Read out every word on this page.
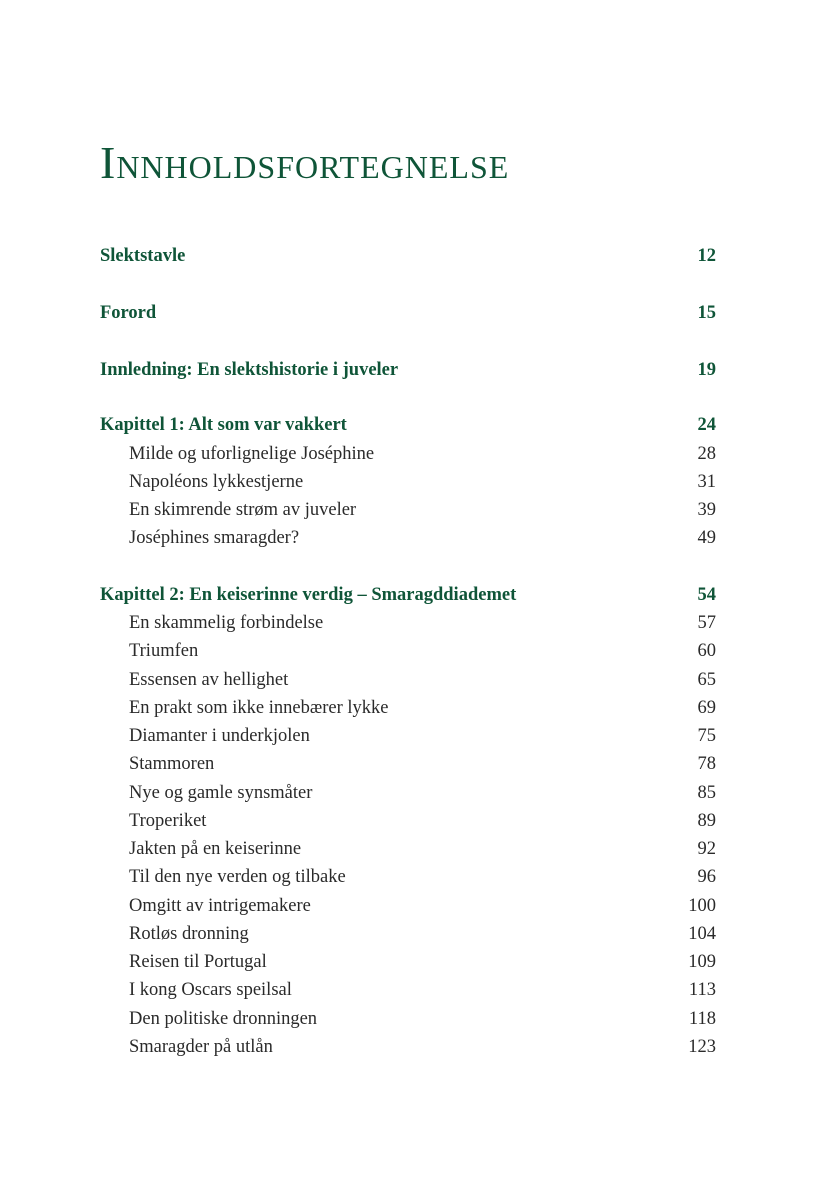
Innholdsfortegnelse
Slektstavle	12
Forord	15
Innledning: En slektshistorie i juveler	19
Kapittel 1: Alt som var vakkert	24
Milde og uforlignelige Joséphine	28
Napoléons lykkestjerne	31
En skimrende strøm av juveler	39
Joséphines smaragder?	49
Kapittel 2: En keiserinne verdig – Smaragddiademet	54
En skammelig forbindelse	57
Triumfen	60
Essensen av hellighet	65
En prakt som ikke innebærer lykke	69
Diamanter i underkjolen	75
Stammoren	78
Nye og gamle synsmåter	85
Troperiket	89
Jakten på en keiserinne	92
Til den nye verden og tilbake	96
Omgitt av intrigemakere	100
Rotløs dronning	104
Reisen til Portugal	109
I kong Oscars speilsal	113
Den politiske dronningen	118
Smaragder på utlån	123
